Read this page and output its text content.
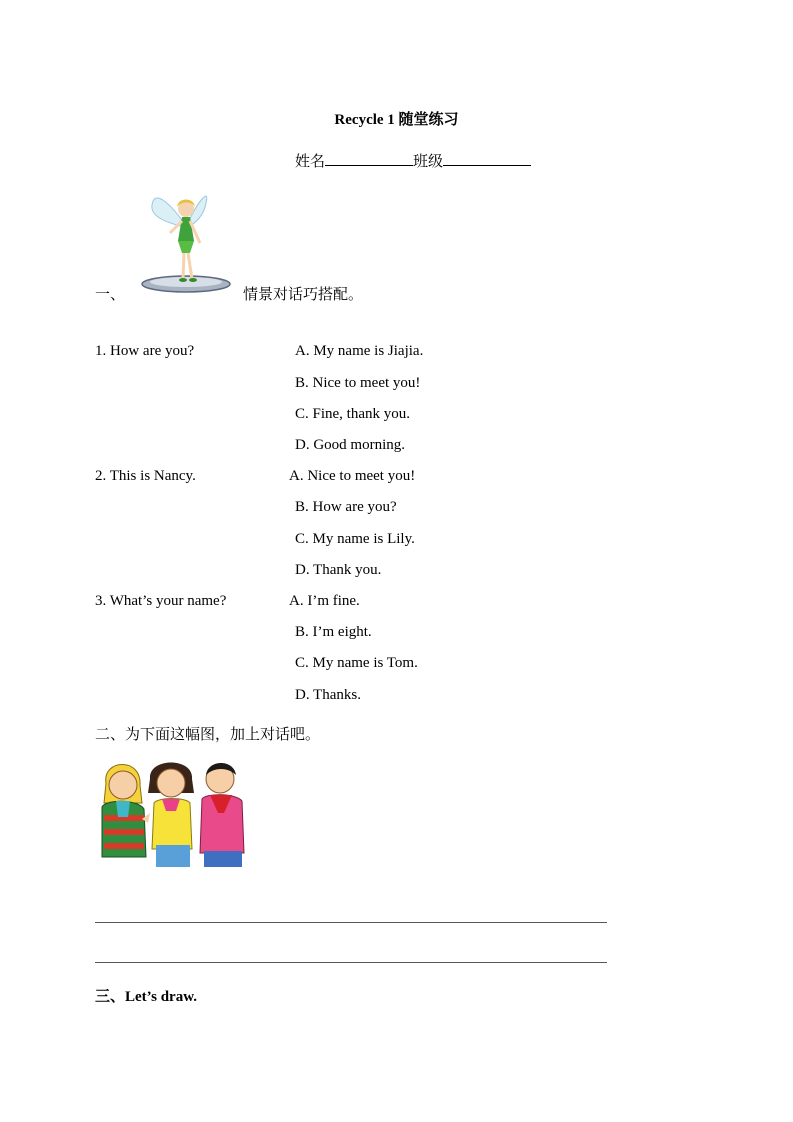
Recycle 1 随堂练习
姓名	班级
一、	情景对话巧搭配。
1. How are you?	A. My name is Jiajia.
B. Nice to meet you!
C. Fine, thank you.
D. Good morning.
2. This is Nancy.	A. Nice to meet you!
B. How are you?
C. My name is Lily.
D. Thank you.
3. What’s your name?	A. I’m fine.
B. I’m eight.
C. My name is Tom.
D. Thanks.
二、为下面这幅图，加上对话吧。
三、Let’s draw.
